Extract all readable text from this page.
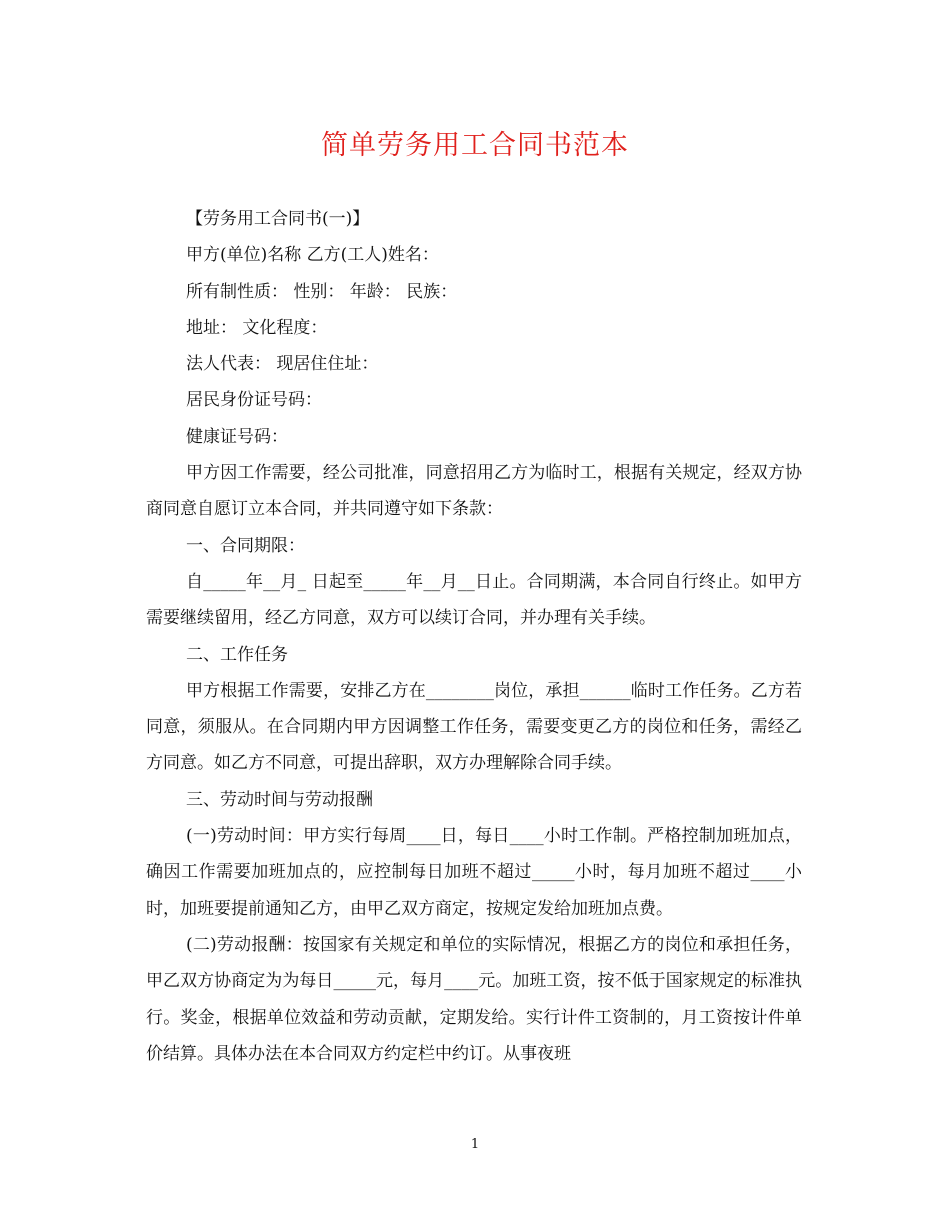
简单劳务用工合同书范本

【劳务用工合同书(一)】

甲方(单位)名称 乙方(工人)姓名：

所有制性质： 性别： 年龄： 民族：

地址： 文化程度：

法人代表： 现居住住址：

居民身份证号码：

健康证号码：

甲方因工作需要，经公司批准，同意招用乙方为临时工，根据有关规定，经双方协商同意自愿订立本合同，并共同遵守如下条款：

一、合同期限：

自_____年__月_ 日起至_____年__月__日止。合同期满，本合同自行终止。如甲方需要继续留用，经乙方同意，双方可以续订合同，并办理有关手续。

二、工作任务

甲方根据工作需要，安排乙方在________岗位，承担______临时工作任务。乙方若同意，须服从。在合同期内甲方因调整工作任务，需要变更乙方的岗位和任务，需经乙方同意。如乙方不同意，可提出辞职，双方办理解除合同手续。

三、劳动时间与劳动报酬

(一)劳动时间：甲方实行每周____日，每日____小时工作制。严格控制加班加点，确因工作需要加班加点的，应控制每日加班不超过_____小时，每月加班不超过____小时，加班要提前通知乙方，由甲乙双方商定，按规定发给加班加点费。

(二)劳动报酬：按国家有关规定和单位的实际情况，根据乙方的岗位和承担任务，甲乙双方协商定为为每日_____元，每月____元。加班工资，按不低于国家规定的标准执行。奖金，根据单位效益和劳动贡献，定期发给。实行计件工资制的，月工资按计件单价结算。具体办法在本合同双方约定栏中约订。从事夜班

1
